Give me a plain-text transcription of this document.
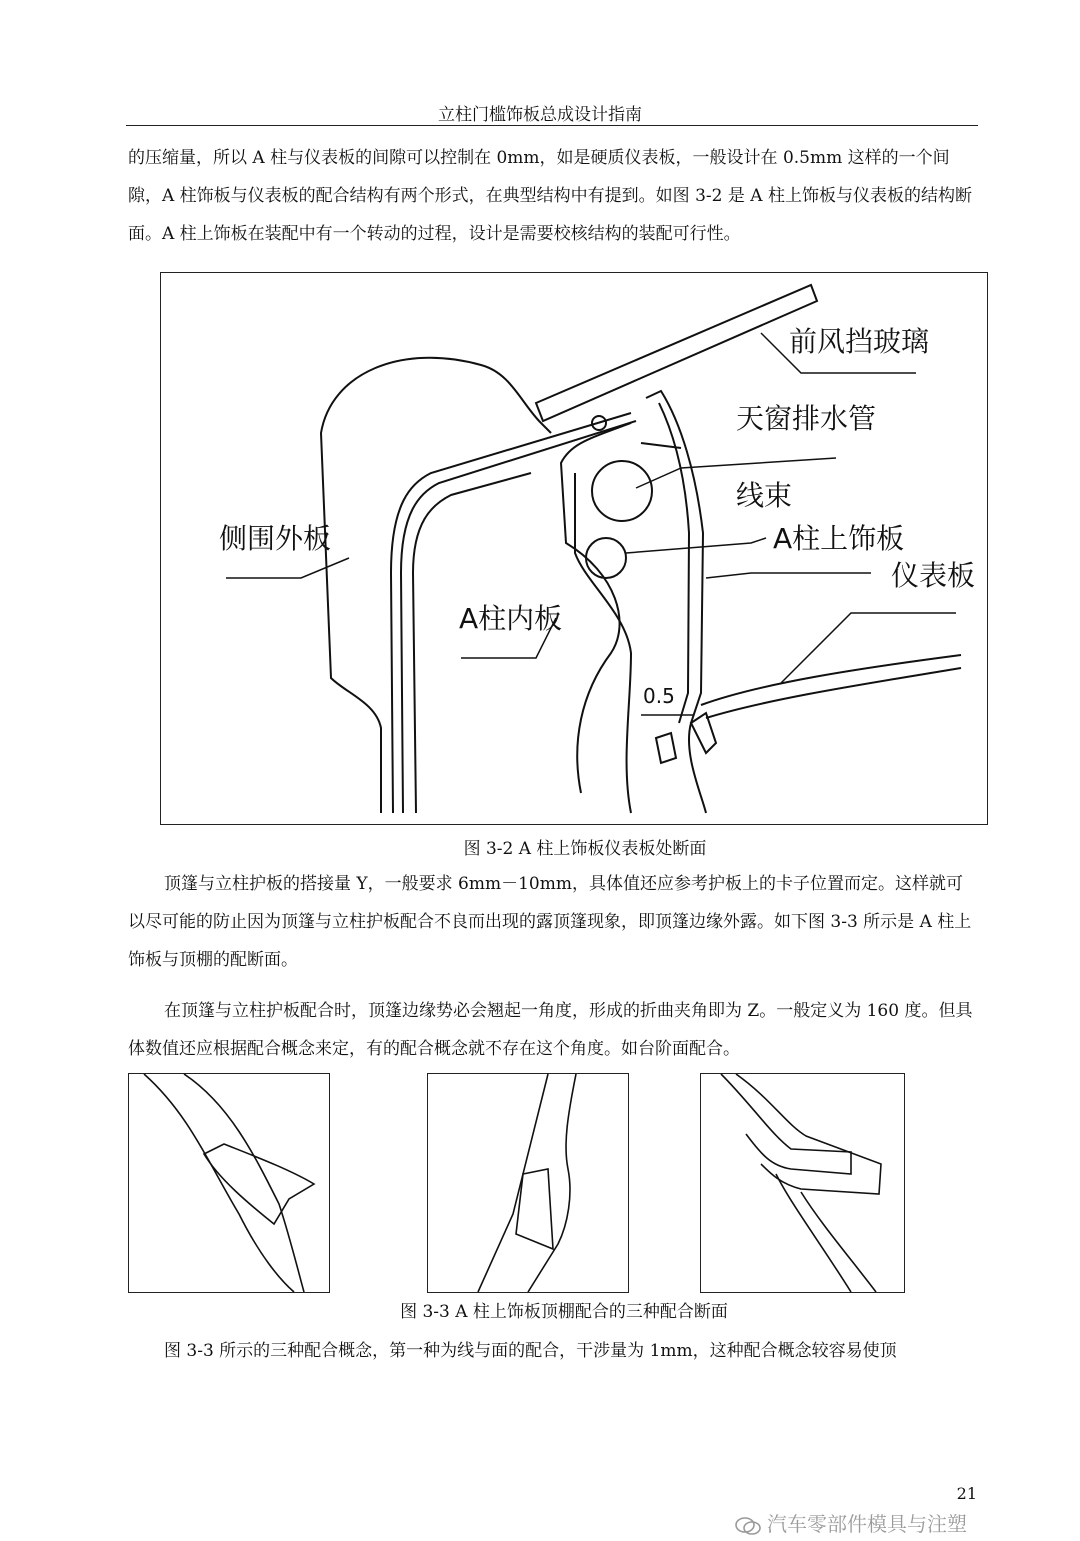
立柱门槛饰板总成设计指南

的压缩量，所以 A 柱与仪表板的间隙可以控制在 0mm，如是硬质仪表板，一般设计在 0.5mm 这样的一个间隙，A 柱饰板与仪表板的配合结构有两个形式，在典型结构中有提到。如图 3-2 是 A 柱上饰板与仪表板的结构断面。A 柱上饰板在装配中有一个转动的过程，设计是需要校核结构的装配可行性。

前风挡玻璃
天窗排水管
线束
A柱上饰板
仪表板
侧围外板
A柱内板
0.5
图 3-2 A 柱上饰板仪表板处断面

顶篷与立柱护板的搭接量 Y，一般要求 6mm－10mm，具体值还应参考护板上的卡子位置而定。这样就可以尽可能的防止因为顶篷与立柱护板配合不良而出现的露顶篷现象，即顶篷边缘外露。如下图 3-3 所示是 A 柱上饰板与顶棚的配断面。

在顶篷与立柱护板配合时，顶篷边缘势必会翘起一角度，形成的折曲夹角即为 Z。一般定义为 160 度。但具体数值还应根据配合概念来定，有的配合概念就不存在这个角度。如台阶面配合。

图 3-3 A 柱上饰板顶棚配合的三种配合断面

图 3-3 所示的三种配合概念，第一种为线与面的配合，干涉量为 1mm，这种配合概念较容易使顶

21
汽车零部件模具与注塑
